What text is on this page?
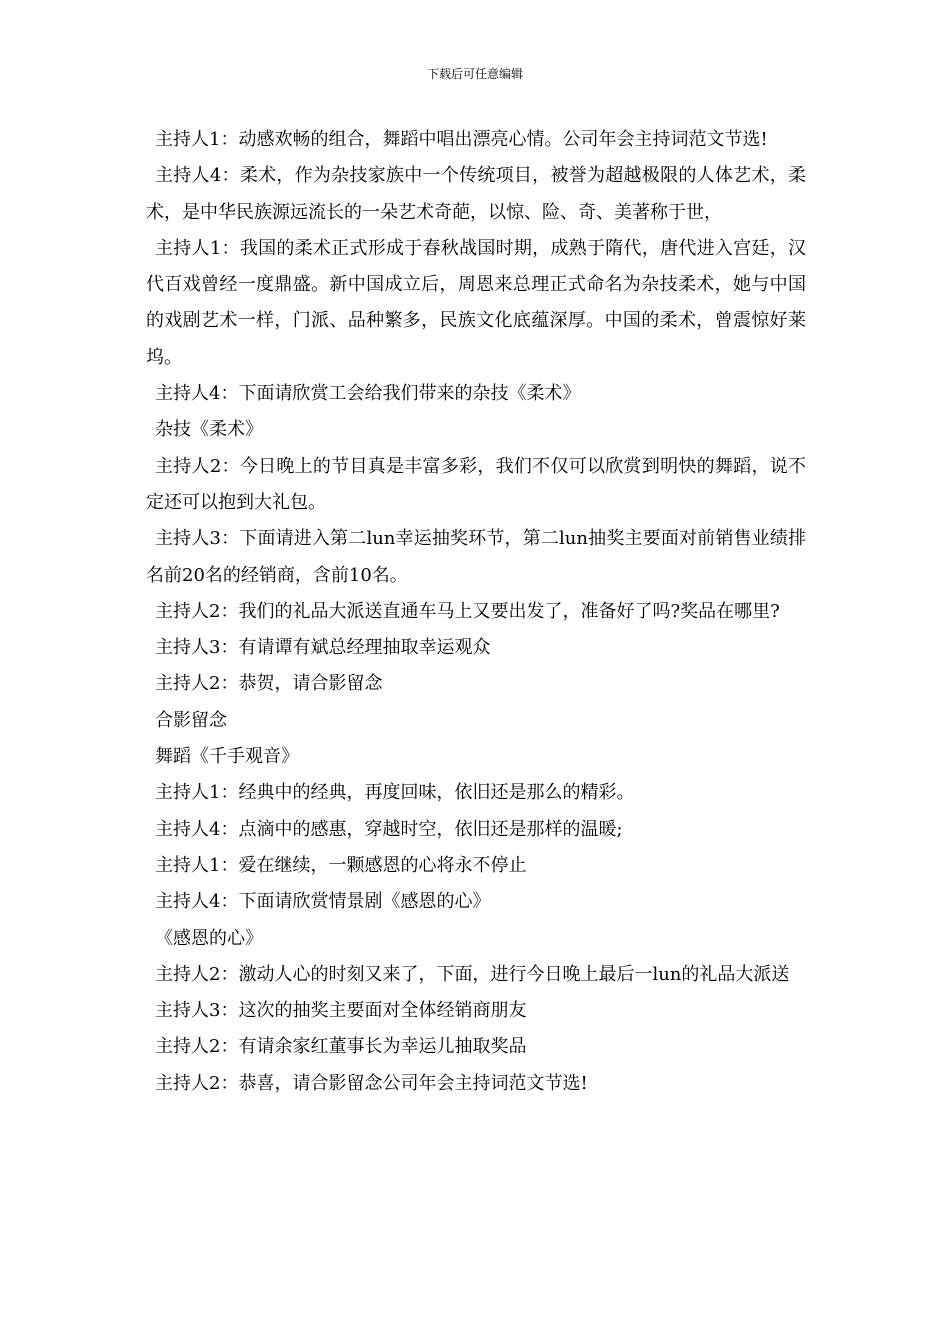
下载后可任意编辑

主持人1：动感欢畅的组合，舞蹈中唱出漂亮心情。公司年会主持词范文节选!

主持人4：柔术，作为杂技家族中一个传统项目，被誉为超越极限的人体艺术，柔术，是中华民族源远流长的一朵艺术奇葩，以惊、险、奇、美著称于世，

主持人1：我国的柔术正式形成于春秋战国时期，成熟于隋代，唐代进入宫廷，汉代百戏曾经一度鼎盛。新中国成立后，周恩来总理正式命名为杂技柔术，她与中国的戏剧艺术一样，门派、品种繁多，民族文化底蕴深厚。中国的柔术，曾震惊好莱坞。

主持人4：下面请欣赏工会给我们带来的杂技《柔术》

杂技《柔术》

主持人2：今日晚上的节目真是丰富多彩，我们不仅可以欣赏到明快的舞蹈，说不定还可以抱到大礼包。

主持人3：下面请进入第二lun幸运抽奖环节，第二lun抽奖主要面对前销售业绩排名前20名的经销商，含前10名。

主持人2：我们的礼品大派送直通车马上又要出发了，准备好了吗?奖品在哪里?

主持人3：有请谭有斌总经理抽取幸运观众

主持人2：恭贺，请合影留念

合影留念

舞蹈《千手观音》

主持人1：经典中的经典，再度回味，依旧还是那么的精彩。

主持人4：点滴中的感惠，穿越时空，依旧还是那样的温暖;

主持人1：爱在继续，一颗感恩的心将永不停止

主持人4：下面请欣赏情景剧《感恩的心》

《感恩的心》

主持人2：激动人心的时刻又来了，下面，进行今日晚上最后一lun的礼品大派送

主持人3：这次的抽奖主要面对全体经销商朋友

主持人2：有请余家红董事长为幸运儿抽取奖品

主持人2：恭喜，请合影留念公司年会主持词范文节选!
